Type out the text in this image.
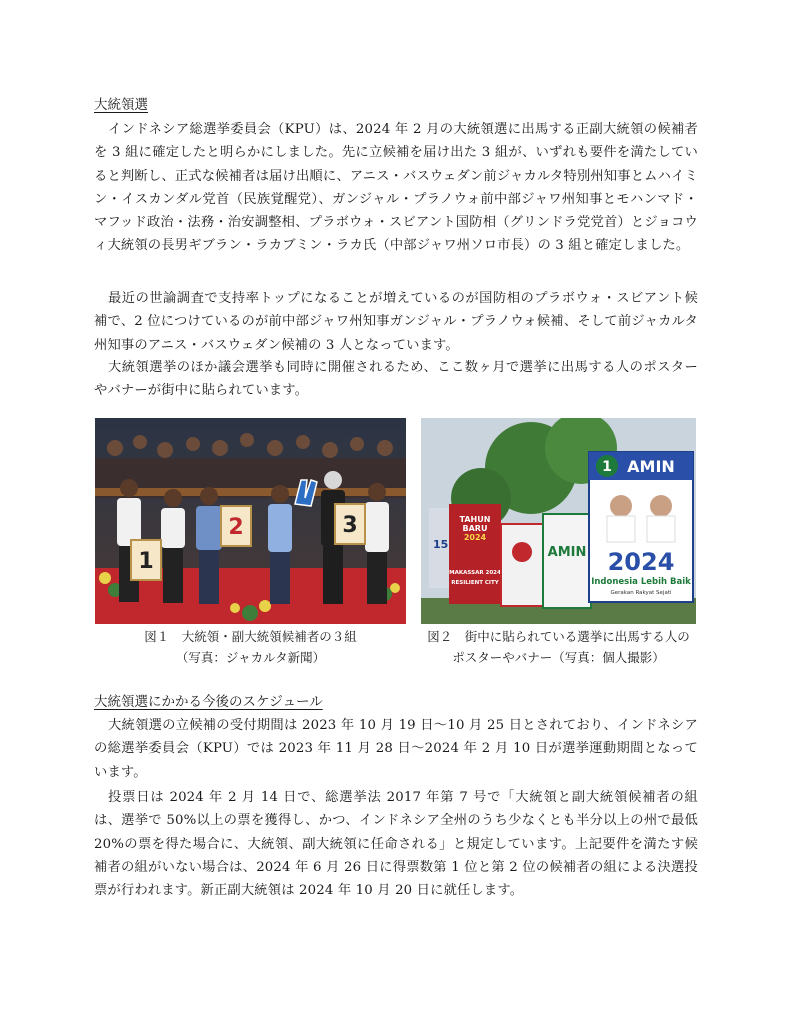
大統領選

インドネシア総選挙委員会（KPU）は、2024 年 2 月の大統領選に出馬する正副大統領の候補者を 3 組に確定したと明らかにしました。先に立候補を届け出た 3 組が、いずれも要件を満たしていると判断し、正式な候補者は届け出順に、アニス・バスウェダン前ジャカルタ特別州知事とムハイミン・イスカンダル党首（民族覚醒党）、ガンジャル・プラノウォ前中部ジャワ州知事とモハンマド・マフッド政治・法務・治安調整相、プラボウォ・スビアント国防相（グリンドラ党党首）とジョコウィ大統領の長男ギブラン・ラカブミン・ラカ氏（中部ジャワ州ソロ市長）の 3 組と確定しました。

最近の世論調査で支持率トップになることが増えているのが国防相のプラボウォ・スビアント候補で、2 位につけているのが前中部ジャワ州知事ガンジャル・プラノウォ候補、そして前ジャカルタ州知事のアニス・バスウェダン候補の 3 人となっています。

大統領選挙のほか議会選挙も同時に開催されるため、ここ数ヶ月で選挙に出馬する人のポスターやバナーが街中に貼られています。

1
2	3

図１　大統領・副大統領候補者の３組

（写真：ジャカルタ新聞）

15
TAHUN
BARU
2024
MAKASSAR 2024
RESILIENT CITY
AMIN
1 AMIN
2024
Indonesia Lebih Baik
Gerakan Rakyat Sejati

図２　街中に貼られている選挙に出馬する人の

ポスターやバナー（写真：個人撮影）

大統領選にかかる今後のスケジュール

大統領選の立候補の受付期間は 2023 年 10 月 19 日～10 月 25 日とされており、インドネシアの総選挙委員会（KPU）では 2023 年 11 月 28 日～2024 年 2 月 10 日が選挙運動期間となっています。

投票日は 2024 年 2 月 14 日で、総選挙法 2017 年第 7 号で「大統領と副大統領候補者の組は、選挙で 50%以上の票を獲得し、かつ、インドネシア全州のうち少なくとも半分以上の州で最低20%の票を得た場合に、大統領、副大統領に任命される」と規定しています。上記要件を満たす候補者の組がいない場合は、2024 年 6 月 26 日に得票数第 1 位と第 2 位の候補者の組による決選投票が行われます。新正副大統領は 2024 年 10 月 20 日に就任します。
